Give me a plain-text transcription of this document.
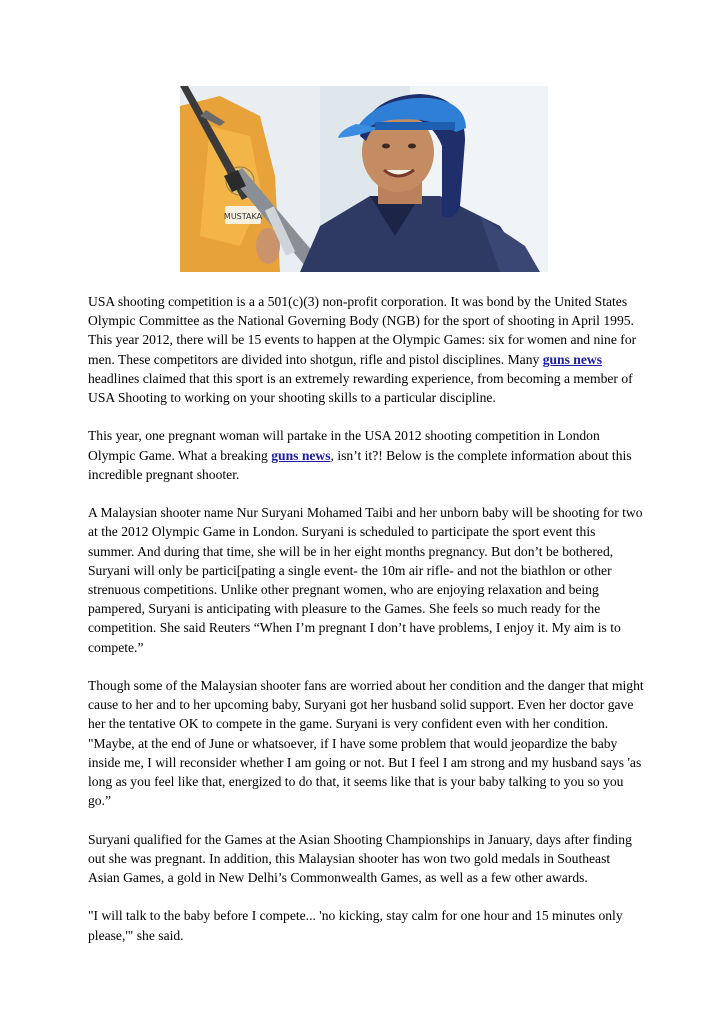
MUSTAKA

USA shooting competition is a a 501(c)(3) non-profit corporation. It was bond by the United States Olympic Committee as the National Governing Body (NGB) for the sport of shooting in April 1995. This year 2012, there will be 15 events to happen at the Olympic Games: six for women and nine for men. These competitors are divided into shotgun, rifle and pistol disciplines. Many guns news headlines claimed that this sport is an extremely rewarding experience, from becoming a member of USA Shooting to working on your shooting skills to a particular discipline.

This year, one pregnant woman will partake in the USA 2012 shooting competition in London Olympic Game. What a breaking guns news, isn’t it?! Below is the complete information about this incredible pregnant shooter.

A Malaysian shooter name Nur Suryani Mohamed Taibi and her unborn baby will be shooting for two at the 2012 Olympic Game in London. Suryani is scheduled to participate the sport event this summer. And during that time, she will be in her eight months pregnancy. But don’t be bothered, Suryani will only be partici[pating a single event- the 10m air rifle- and not the biathlon or other strenuous competitions. Unlike other pregnant women, who are enjoying relaxation and being pampered, Suryani is anticipating with pleasure to the Games. She feels so much ready for the competition. She said Reuters “When I’m pregnant I don’t have problems, I enjoy it. My aim is to compete.”

Though some of the Malaysian shooter fans are worried about her condition and the danger that might cause to her and to her upcoming baby, Suryani got her husband solid support. Even her doctor gave her the tentative OK to compete in the game. Suryani is very confident even with her condition. "Maybe, at the end of June or whatsoever, if I have some problem that would jeopardize the baby inside me, I will reconsider whether I am going or not. But I feel I am strong and my husband says 'as long as you feel like that, energized to do that, it seems like that is your baby talking to you so you go.”

Suryani qualified for the Games at the Asian Shooting Championships in January, days after finding out she was pregnant. In addition, this Malaysian shooter has won two gold medals in Southeast Asian Games, a gold in New Delhi’s Commonwealth Games, as well as a few other awards.

"I will talk to the baby before I compete... 'no kicking, stay calm for one hour and 15 minutes only please,'" she said.
